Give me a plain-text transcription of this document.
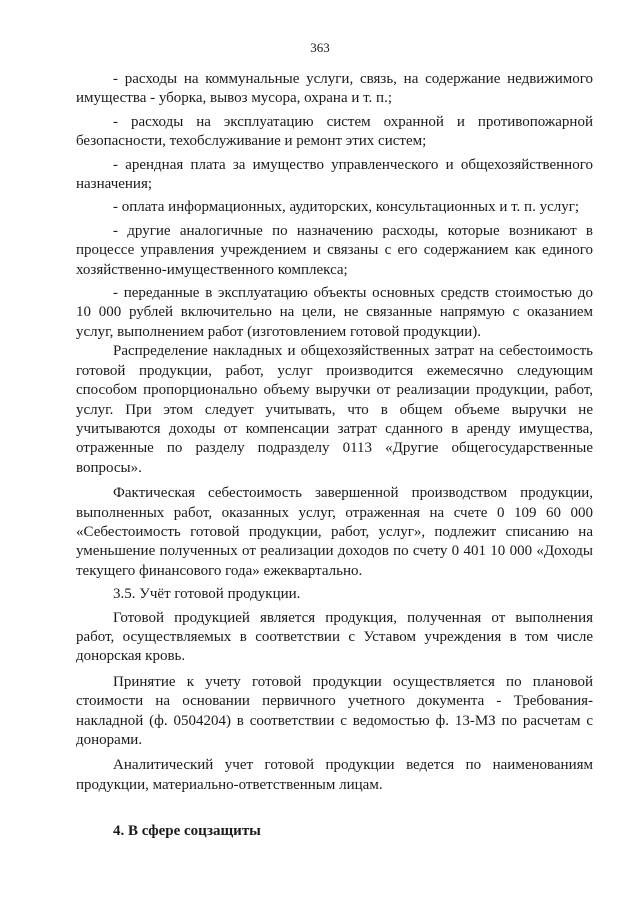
363

- расходы на коммунальные услуги, связь, на содержание недвижимого имущества - уборка, вывоз мусора, охрана и т. п.;

- расходы на эксплуатацию систем охранной и противопожарной безопасности, техобслуживание и ремонт этих систем;

- арендная плата за имущество управленческого и общехозяйственного назначения;

- оплата информационных, аудиторских, консультационных и т. п. услуг;

- другие аналогичные по назначению расходы, которые возникают в процессе управления учреждением и связаны с его содержанием как единого хозяйственно-имущественного комплекса;

- переданные в эксплуатацию объекты основных средств стоимостью до 10 000 рублей включительно на цели, не связанные напрямую с оказанием услуг, выполнением работ (изготовлением готовой продукции).

Распределение накладных и общехозяйственных затрат на себестоимость готовой продукции, работ, услуг производится ежемесячно следующим способом пропорционально объему выручки от реализации продукции, работ, услуг. При этом следует учитывать, что в общем объеме выручки не учитываются доходы от компенсации затрат сданного в аренду имущества, отраженные по разделу подразделу 0113 «Другие общегосударственные вопросы».

Фактическая себестоимость завершенной производством продукции, выполненных работ, оказанных услуг, отраженная на счете 0 109 60 000 «Себестоимость готовой продукции, работ, услуг», подлежит списанию на уменьшение полученных от реализации доходов по счету 0 401 10 000 «Доходы текущего финансового года» ежеквартально.

3.5. Учёт готовой продукции.

Готовой продукцией является продукция, полученная от выполнения работ, осуществляемых в соответствии с Уставом учреждения в том числе донорская кровь.

Принятие к учету готовой продукции осуществляется по плановой стоимости на основании первичного учетного документа - Требования-накладной (ф. 0504204) в соответствии с ведомостью ф. 13-МЗ по расчетам с донорами.

Аналитический учет готовой продукции ведется по наименованиям продукции, материально-ответственным лицам.

4. В сфере соцзащиты
